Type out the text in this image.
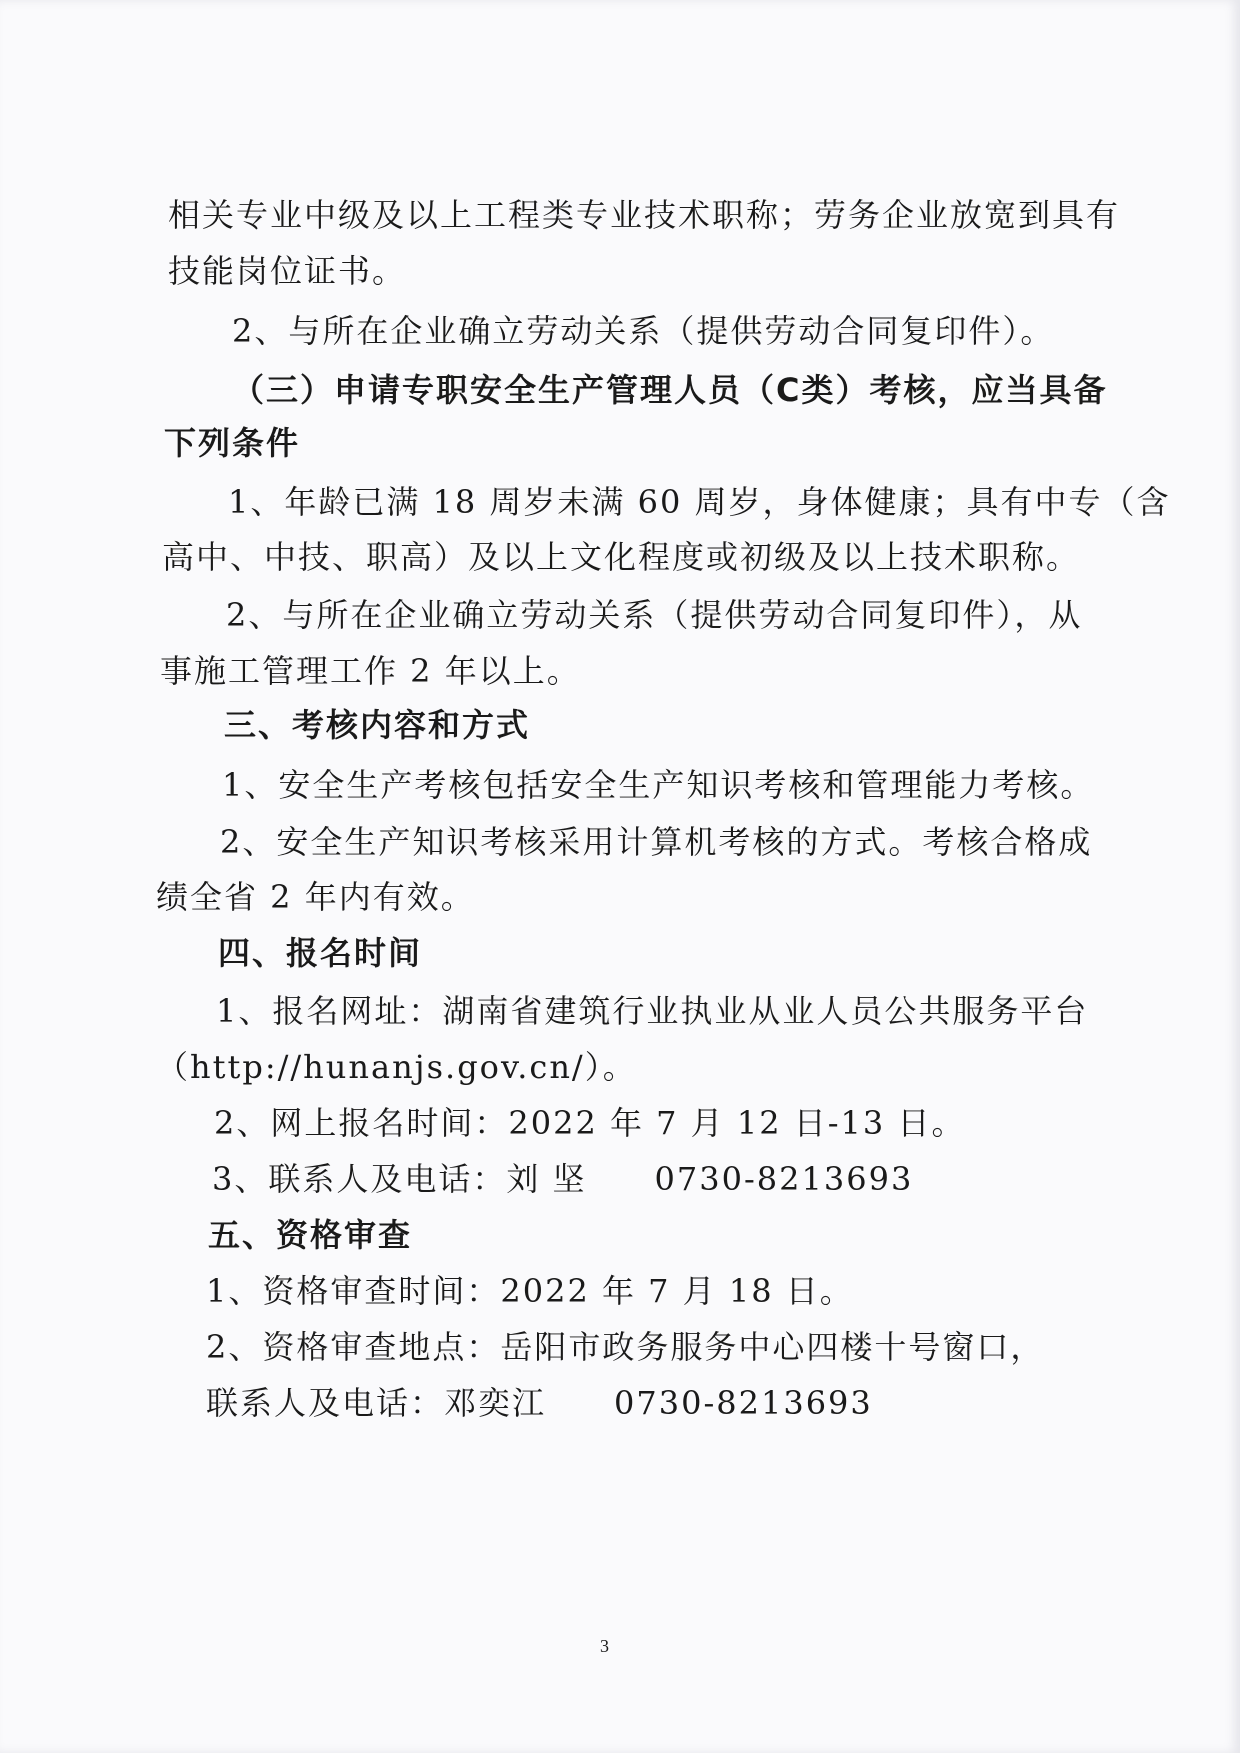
相关专业中级及以上工程类专业技术职称；劳务企业放宽到具有
技能岗位证书。
2、与所在企业确立劳动关系（提供劳动合同复印件）。
（三）申请专职安全生产管理人员（C类）考核，应当具备
下列条件
1、年龄已满 18 周岁未满 60 周岁，身体健康；具有中专（含
高中、中技、职高）及以上文化程度或初级及以上技术职称。
2、与所在企业确立劳动关系（提供劳动合同复印件），从
事施工管理工作 2 年以上。
三、考核内容和方式
1、安全生产考核包括安全生产知识考核和管理能力考核。
2、安全生产知识考核采用计算机考核的方式。考核合格成
绩全省 2 年内有效。
四、报名时间
1、报名网址：湖南省建筑行业执业从业人员公共服务平台
（http://hunanjs.gov.cn/）。
2、网上报名时间：2022 年 7 月 12 日-13 日。
3、联系人及电话：刘 坚　　0730-8213693
五、资格审查
1、资格审查时间：2022 年 7 月 18 日。
2、资格审查地点：岳阳市政务服务中心四楼十号窗口，
联系人及电话：邓奕江　　0730-8213693
3
